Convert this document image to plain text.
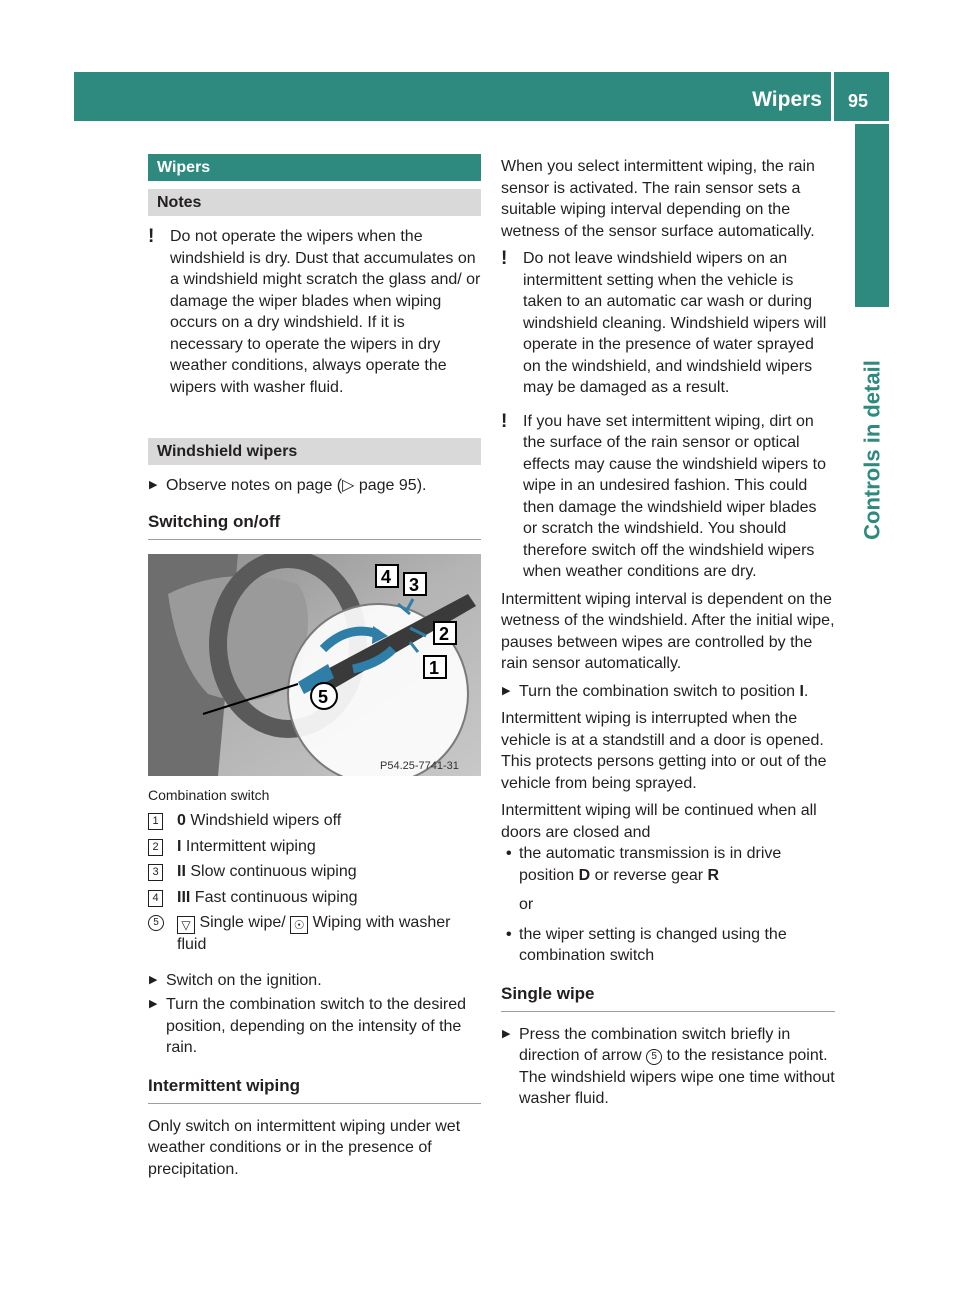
Wipers 95
Controls in detail
Wipers
Notes
! Do not operate the wipers when the windshield is dry. Dust that accumulates on a windshield might scratch the glass and/ or damage the wiper blades when wiping occurs on a dry windshield. If it is necessary to operate the wipers in dry weather conditions, always operate the wipers with washer fluid.
Windshield wipers
▶ Observe notes on page (▷ page 95).
Switching on/off
4 3
2
1
5
P54.25-7741-31
Combination switch
1 0 Windshield wipers off
2 I Intermittent wiping
3 II Slow continuous wiping
4 III Fast continuous wiping
5	▽ Single wipe/ ☉ Wiping with washer fluid
▶ Switch on the ignition.
▶ Turn the combination switch to the desired position, depending on the intensity of the rain.
Intermittent wiping

Only switch on intermittent wiping under wet weather conditions or in the presence of precipitation.

When you select intermittent wiping, the rain sensor is activated. The rain sensor sets a suitable wiping interval depending on the wetness of the sensor surface automatically.

! Do not leave windshield wipers on an intermittent setting when the vehicle is taken to an automatic car wash or during windshield cleaning. Windshield wipers will operate in the presence of water sprayed on the windshield, and windshield wipers may be damaged as a result.
! If you have set intermittent wiping, dirt on the surface of the rain sensor or optical effects may cause the windshield wipers to wipe in an undesired fashion. This could then damage the windshield wiper blades or scratch the windshield. You should therefore switch off the windshield wipers when weather conditions are dry.

Intermittent wiping interval is dependent on the wetness of the windshield. After the initial wipe, pauses between wipes are controlled by the rain sensor automatically.

▶ Turn the combination switch to position I.

Intermittent wiping is interrupted when the vehicle is at a standstill and a door is opened. This protects persons getting into or out of the vehicle from being sprayed.

Intermittent wiping will be continued when all doors are closed and

• the automatic transmission is in drive position D or reverse gear R

or

• the wiper setting is changed using the combination switch
Single wipe
▶ Press the combination switch briefly in direction of arrow 5 to the resistance point.

The windshield wipers wipe one time without washer fluid.
